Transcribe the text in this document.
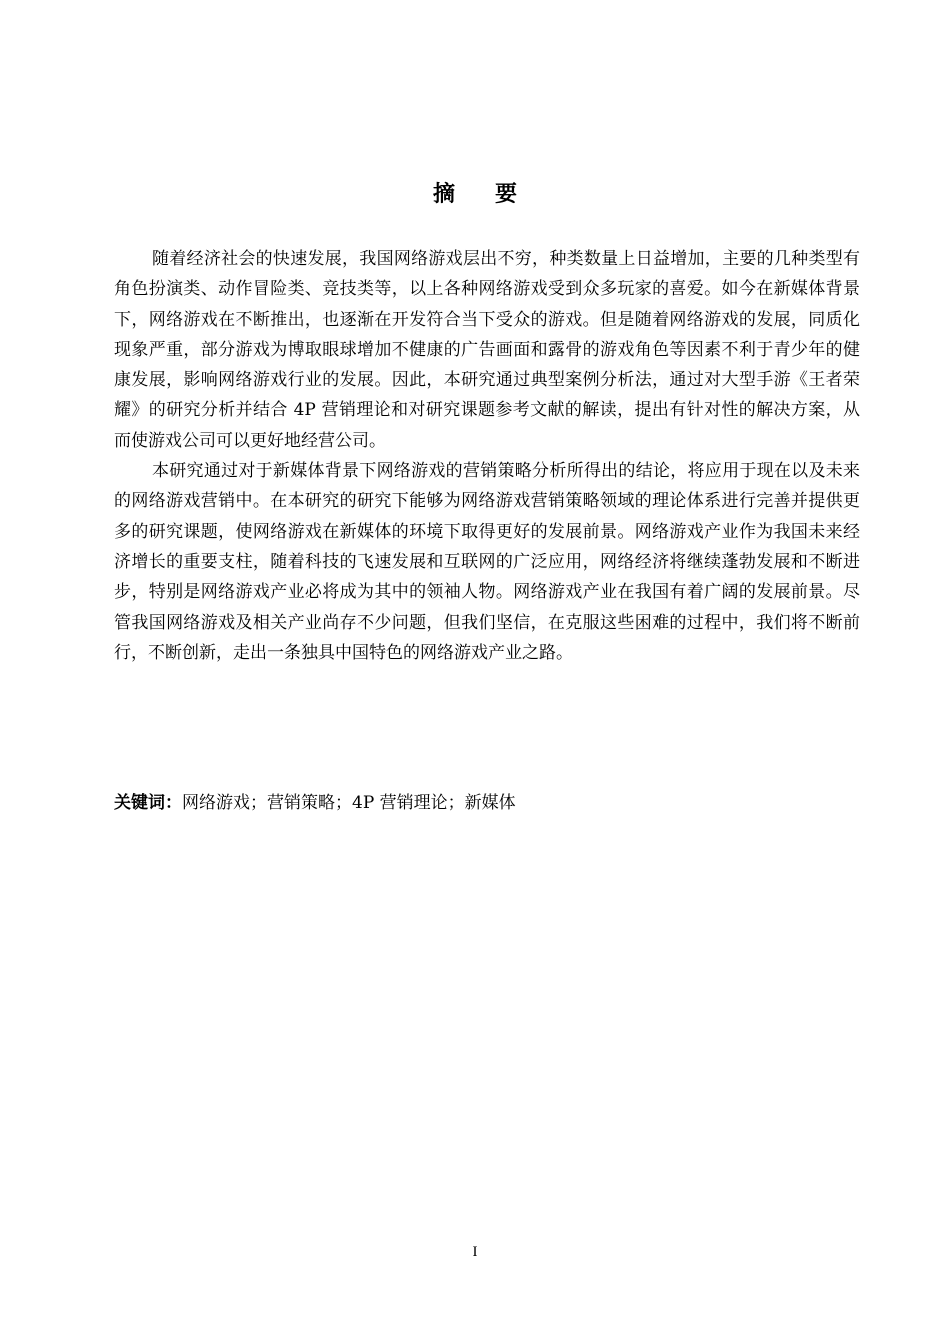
摘要

随着经济社会的快速发展，我国网络游戏层出不穷，种类数量上日益增加，主要的几种类型有角色扮演类、动作冒险类、竞技类等，以上各种网络游戏受到众多玩家的喜爱。如今在新媒体背景下，网络游戏在不断推出，也逐渐在开发符合当下受众的游戏。但是随着网络游戏的发展，同质化现象严重，部分游戏为博取眼球增加不健康的广告画面和露骨的游戏角色等因素不利于青少年的健康发展，影响网络游戏行业的发展。因此，本研究通过典型案例分析法，通过对大型手游《王者荣耀》的研究分析并结合 4P 营销理论和对研究课题参考文献的解读，提出有针对性的解决方案，从而使游戏公司可以更好地经营公司。

本研究通过对于新媒体背景下网络游戏的营销策略分析所得出的结论，将应用于现在以及未来的网络游戏营销中。在本研究的研究下能够为网络游戏营销策略领域的理论体系进行完善并提供更多的研究课题，使网络游戏在新媒体的环境下取得更好的发展前景。网络游戏产业作为我国未来经济增长的重要支柱，随着科技的飞速发展和互联网的广泛应用，网络经济将继续蓬勃发展和不断进步，特别是网络游戏产业必将成为其中的领袖人物。网络游戏产业在我国有着广阔的发展前景。尽管我国网络游戏及相关产业尚存不少问题，但我们坚信，在克服这些困难的过程中，我们将不断前行，不断创新，走出一条独具中国特色的网络游戏产业之路。

关键词：网络游戏；营销策略；4P 营销理论；新媒体
I
